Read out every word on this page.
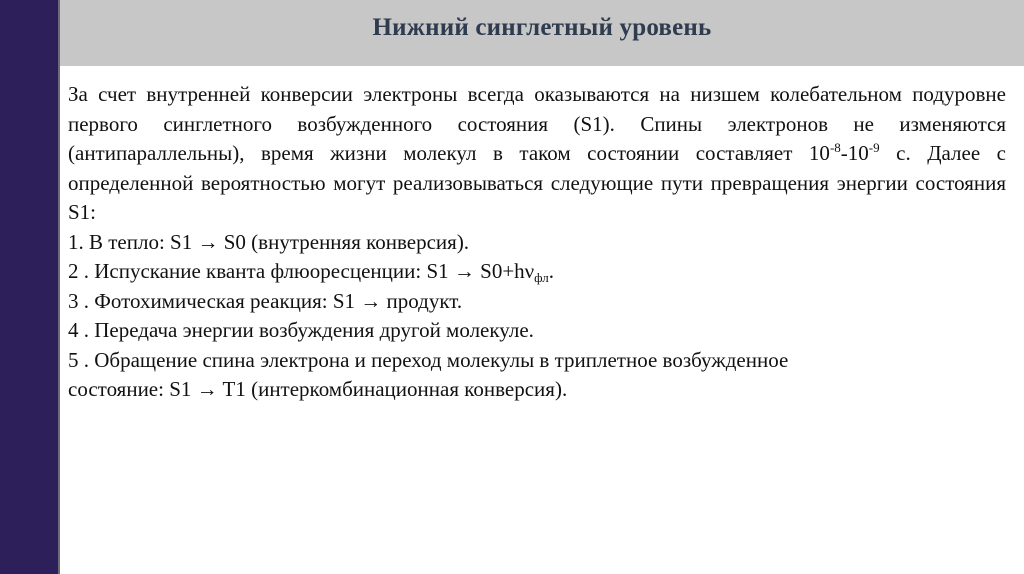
Нижний синглетный уровень

За счет внутренней конверсии электроны всегда оказываются на низшем колебательном подуровне первого синглетного возбужденного состояния (S1). Спины электронов не изменяются (антипараллельны), время жизни молекул в таком состоянии составляет $10^{-8}-10^{-9}$ с. Далее с определенной вероятностью могут реализовываться следующие пути превращения энергии состояния S1:

1. В тепло: S1 → S0 (внутренняя конверсия).

2 . Испускание кванта флюоресценции: $S1 \to S0+h\nu_{фл}$.

3 . Фотохимическая реакция: S1 → продукт.

4 . Передача энергии возбуждения другой молекуле.

5 . Обращение спина электрона и переход молекулы в триплетное возбужденное

состояние: S1 → T1 (интеркомбинационная конверсия).
